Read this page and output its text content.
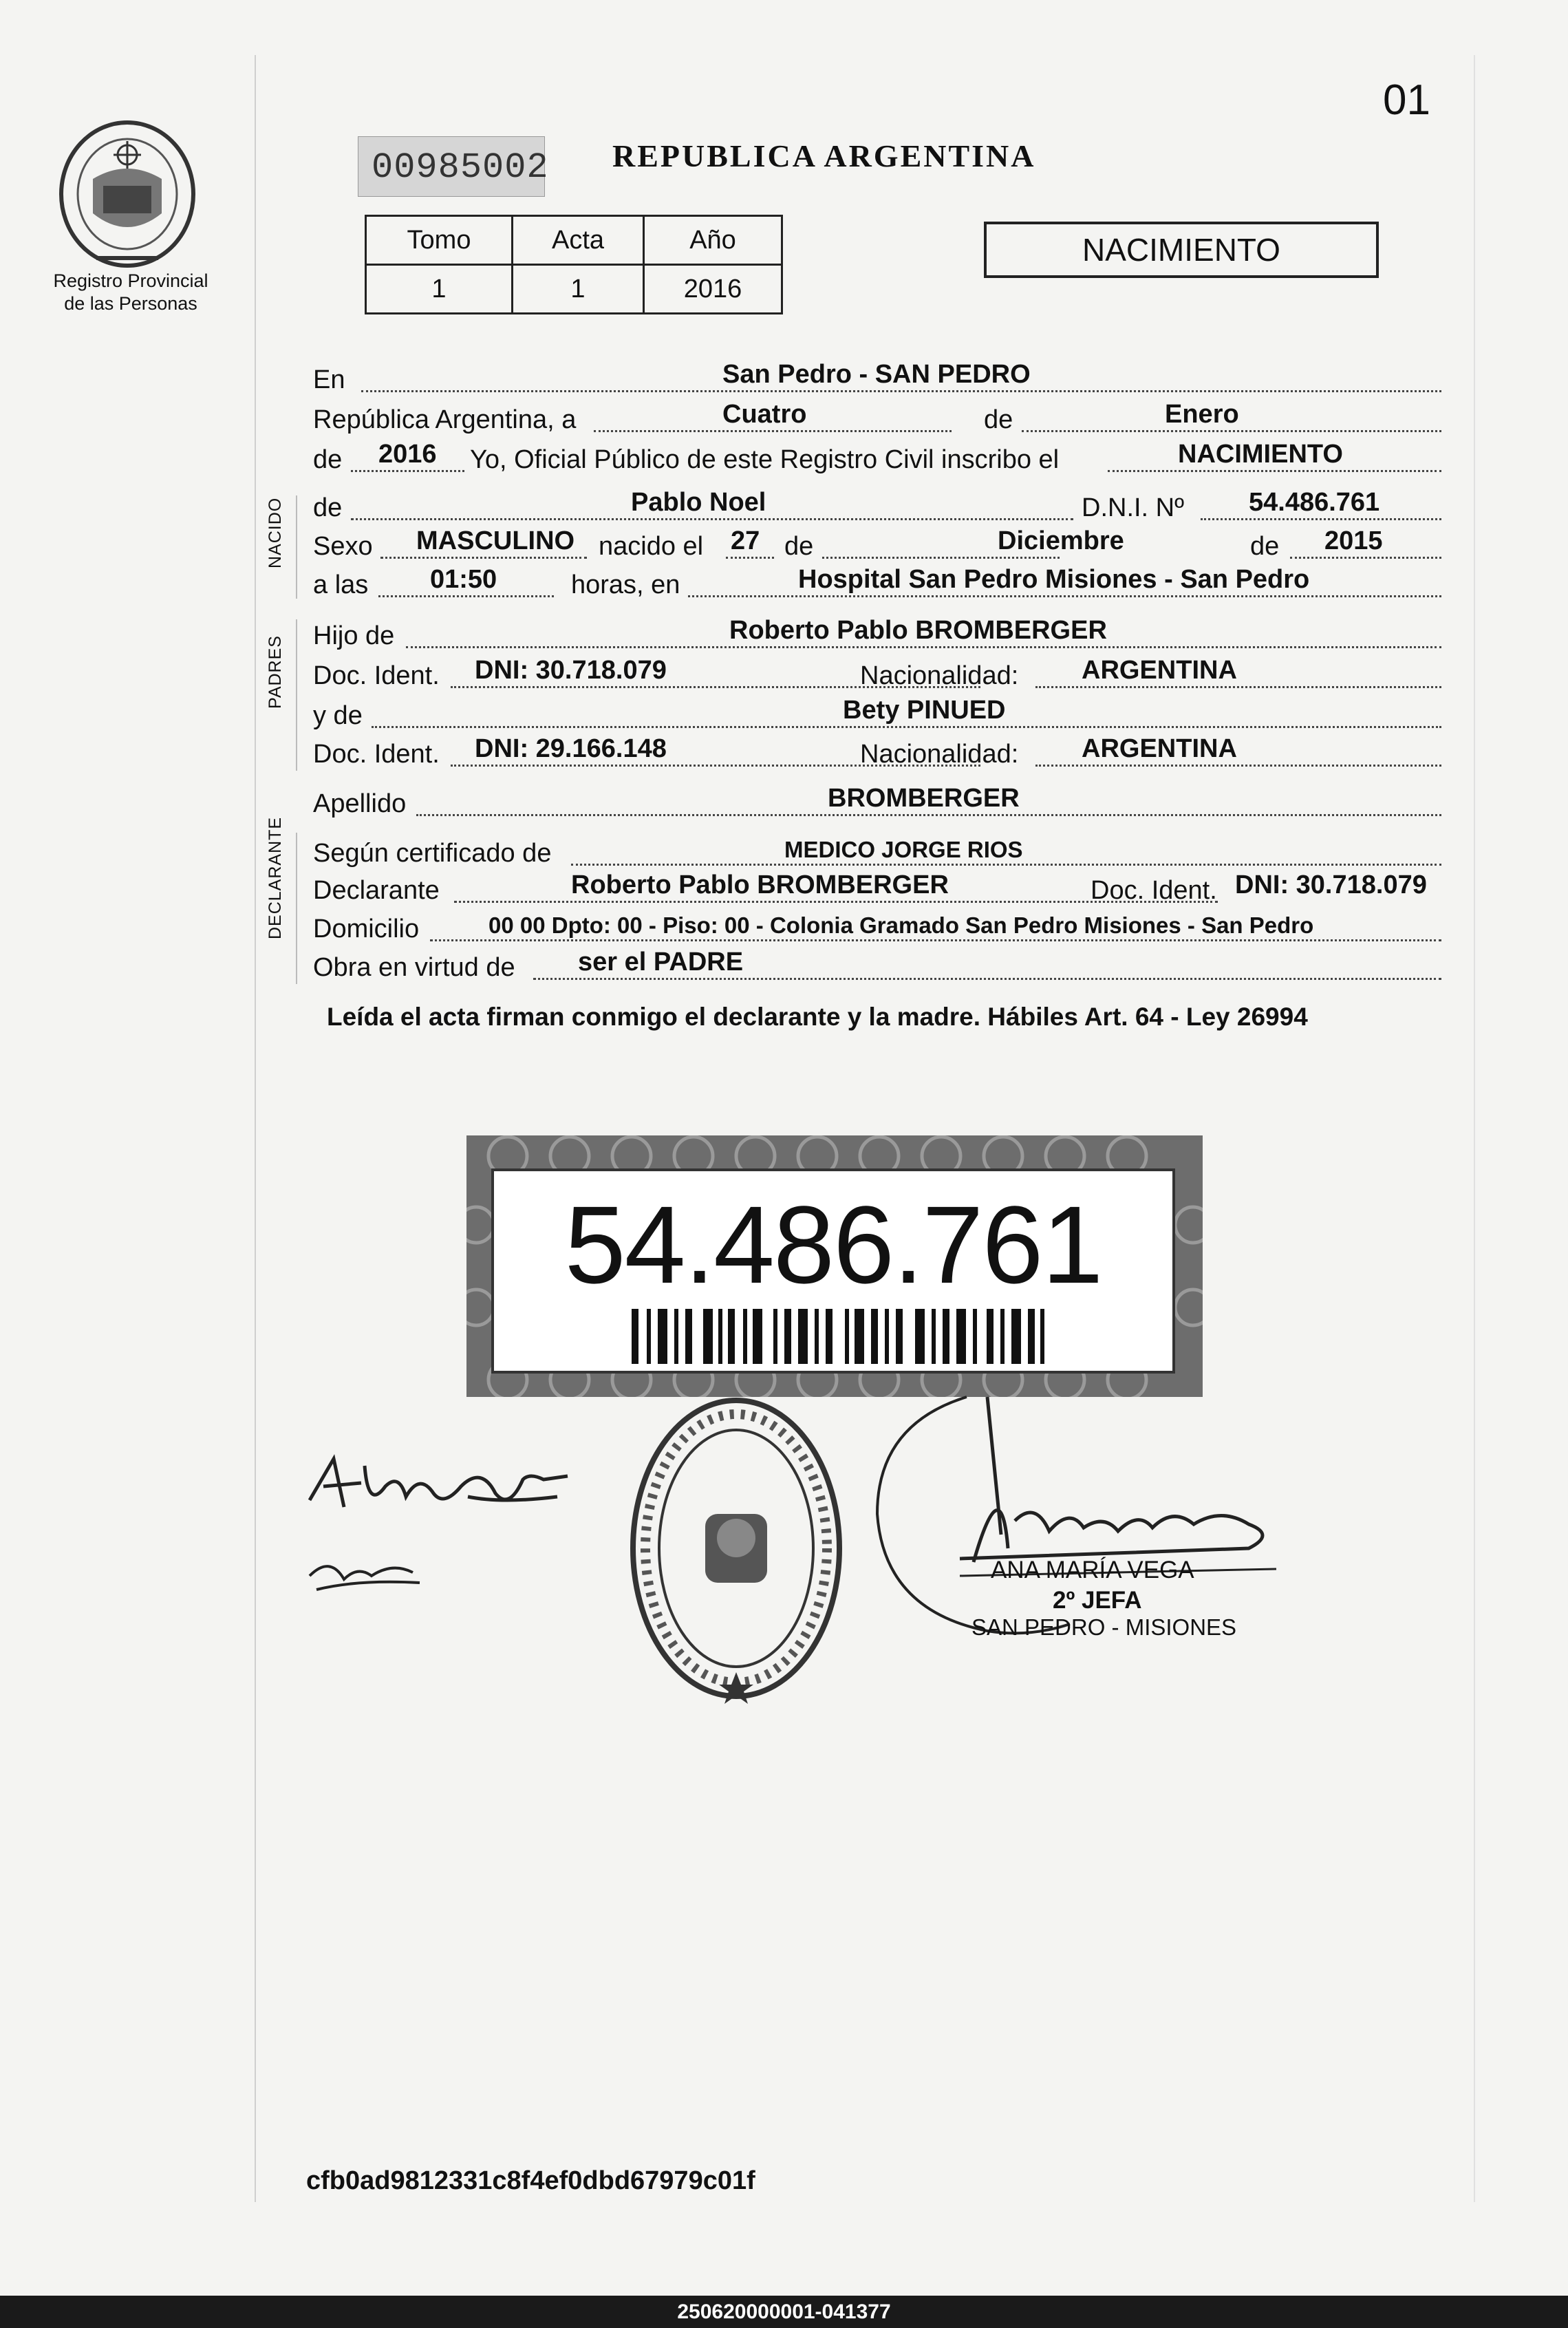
01
Registro Provincial
de las Personas
00985002 REPUBLICA ARGENTINA
Tomo	Acta	Año
1	1	2016
NACIMIENTO
NACIDO
PADRES
DECLARANTE
En	San Pedro - SAN PEDRO
República Argentina, a	Cuatro	de	Enero
de 2016 Yo, Oficial Público de este Registro Civil inscribo el	NACIMIENTO
de	Pablo Noel	D.N.I. Nº 54.486.761
Sexo MASCULINO nacido el 27 de	Diciembre	de 2015
a las 01:50	horas, en	Hospital San Pedro Misiones - San Pedro
Hijo de	Roberto Pablo BROMBERGER
Doc. Ident. DNI: 30.718.079	Nacionalidad: ARGENTINA
y de	Bety PINUED
Doc. Ident. DNI: 29.166.148	Nacionalidad: ARGENTINA
Apellido	BROMBERGER
Según certificado de	MEDICO JORGE RIOS
Declarante	Roberto Pablo BROMBERGER	Doc. Ident. DNI: 30.718.079
Domicilio	00 00 Dpto: 00 - Piso: 00 - Colonia Gramado San Pedro Misiones - San Pedro
Obra en virtud de ser el PADRE
Leída el acta firman conmigo el declarante y la madre. Hábiles Art. 64 - Ley 26994
54.486.761
ANA MARÍA VEGA
2º JEFA
SAN PEDRO - MISIONES
cfb0ad9812331c8f4ef0dbd67979c01f
250620000001-041377
